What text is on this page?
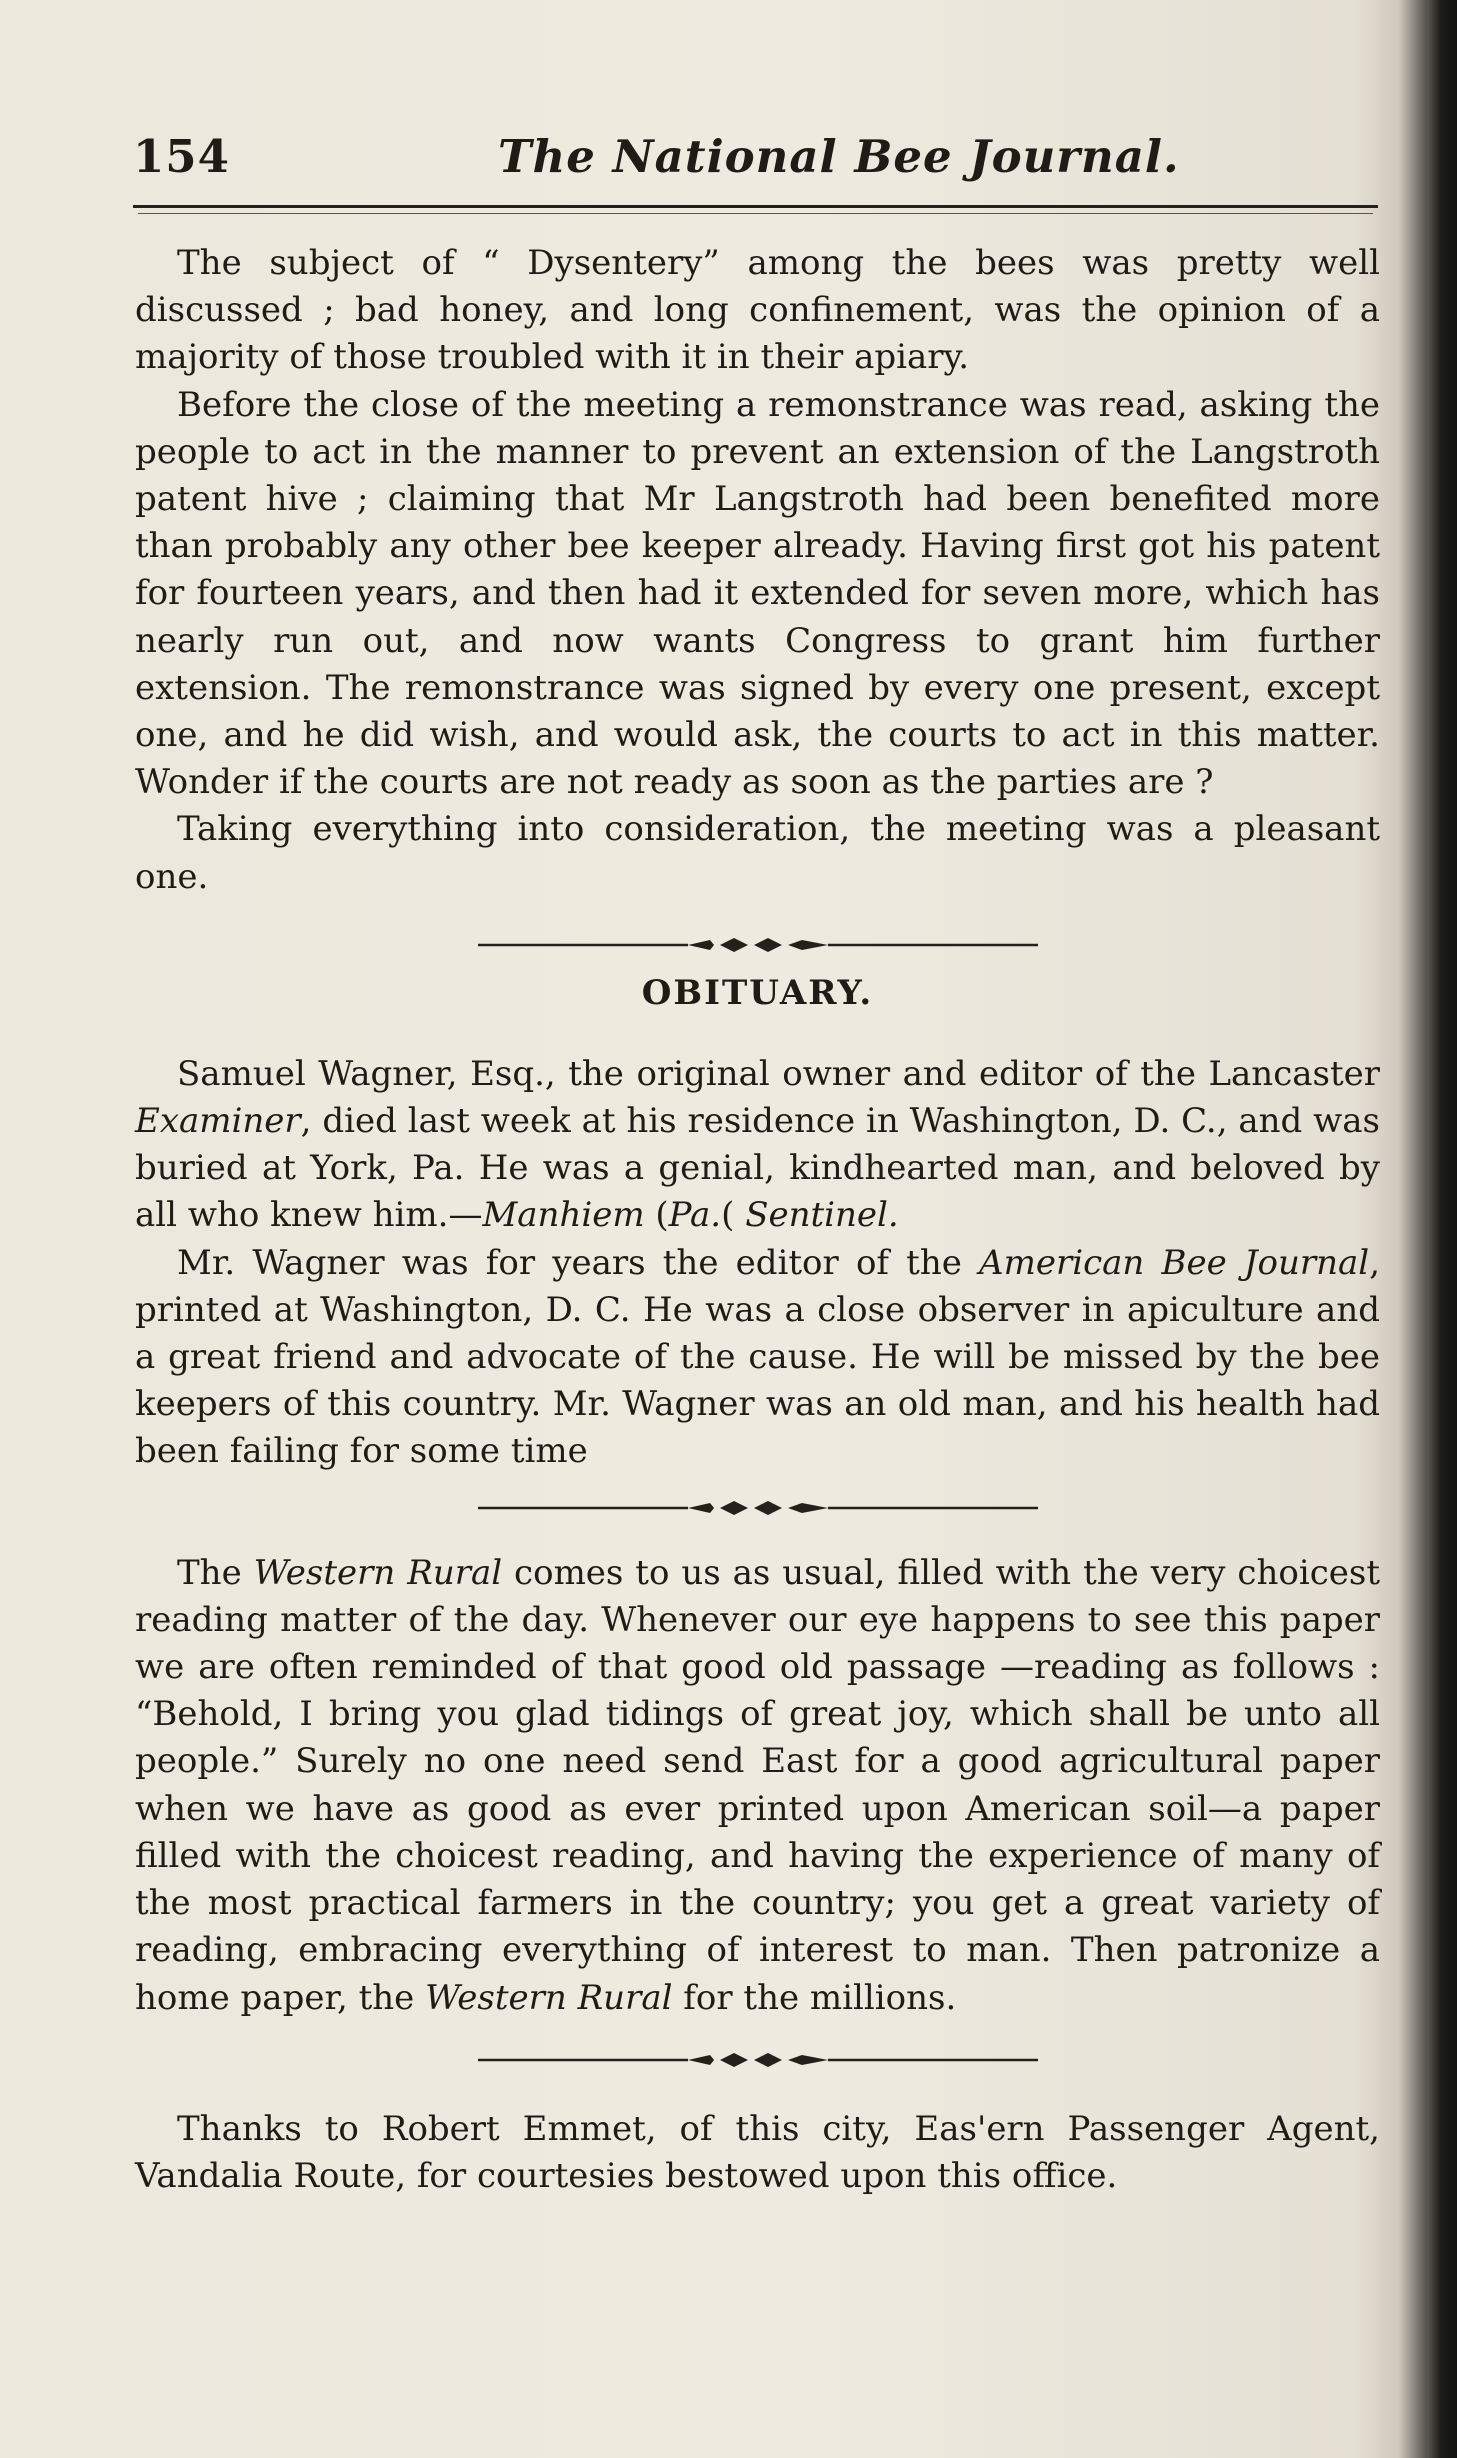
154	The National Bee Journal.

The subject of “ Dysentery” among the bees was pretty well discussed ; bad honey, and long confinement, was the opinion of a majority of those troubled with it in their apiary.

Before the close of the meeting a remonstrance was read, asking the people to act in the manner to prevent an extension of the Langstroth patent hive ; claiming that Mr Langstroth had been benefited more than probably any other bee keeper already. Having first got his patent for fourteen years, and then had it extended for seven more, which has nearly run out, and now wants Congress to grant him further extension. The remonstrance was signed by every one present, except one, and he did wish, and would ask, the courts to act in this matter. Wonder if the courts are not ready as soon as the parties are ?

Taking everything into consideration, the meeting was a pleasant one.

OBITUARY.

Samuel Wagner, Esq., the original owner and editor of the Lancaster Examiner, died last week at his residence in Washington, D. C., and was buried at York, Pa. He was a genial, kindhearted man, and beloved by all who knew him.—Manhiem (Pa.( Sentinel.

Mr. Wagner was for years the editor of the American Bee Journal, printed at Washington, D. C. He was a close observer in apiculture and a great friend and advocate of the cause. He will be missed by the bee keepers of this country. Mr. Wagner was an old man, and his health had been failing for some time

The Western Rural comes to us as usual, filled with the very choicest reading matter of the day. Whenever our eye happens to see this paper we are often reminded of that good old passage —reading as follows : “Behold, I bring you glad tidings of great joy, which shall be unto all people.” Surely no one need send East for a good agricultural paper when we have as good as ever printed upon American soil—a paper filled with the choicest reading, and having the experience of many of the most practical farmers in the country; you get a great variety of reading, embracing everything of interest to man. Then patronize a home paper, the Western Rural for the millions.

Thanks to Robert Emmet, of this city, Eas'ern Passenger Agent, Vandalia Route, for courtesies bestowed upon this office.
